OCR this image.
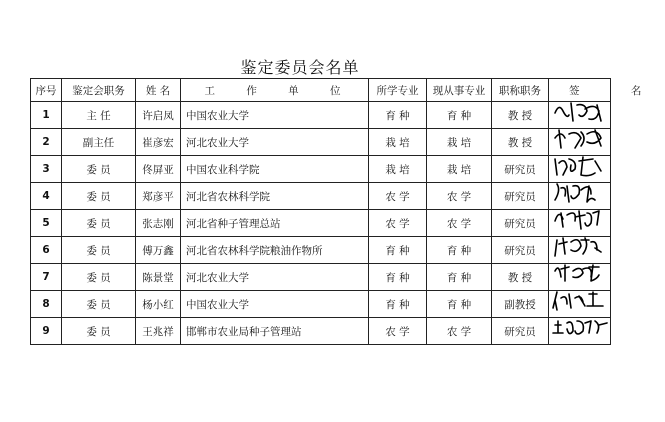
鉴定委员会名单
序号	鉴定会职务	姓 名	工 作 单 位	所学专业	现从事专业	职称职务	签 名
1	主 任	许启凤	中国农业大学	育 种	育 种	教 授	

2	副主任	崔彦宏	河北农业大学	栽 培	栽 培	教 授	

3	委 员	佟屏亚	中国农业科学院	栽 培	栽 培	研究员	

4	委 员	郑彦平	河北省农林科学院	农 学	农 学	研究员	

5	委 员	张志刚	河北省种子管理总站	农 学	农 学	研究员	

6	委 员	傅万鑫	河北省农林科学院粮油作物所	育 种	育 种	研究员	

7	委 员	陈景堂	河北农业大学	育 种	育 种	教 授	

8	委 员	杨小红	中国农业大学	育 种	育 种	副教授	

9	委 员	王兆祥	邯郸市农业局种子管理站	农 学	农 学	研究员	
